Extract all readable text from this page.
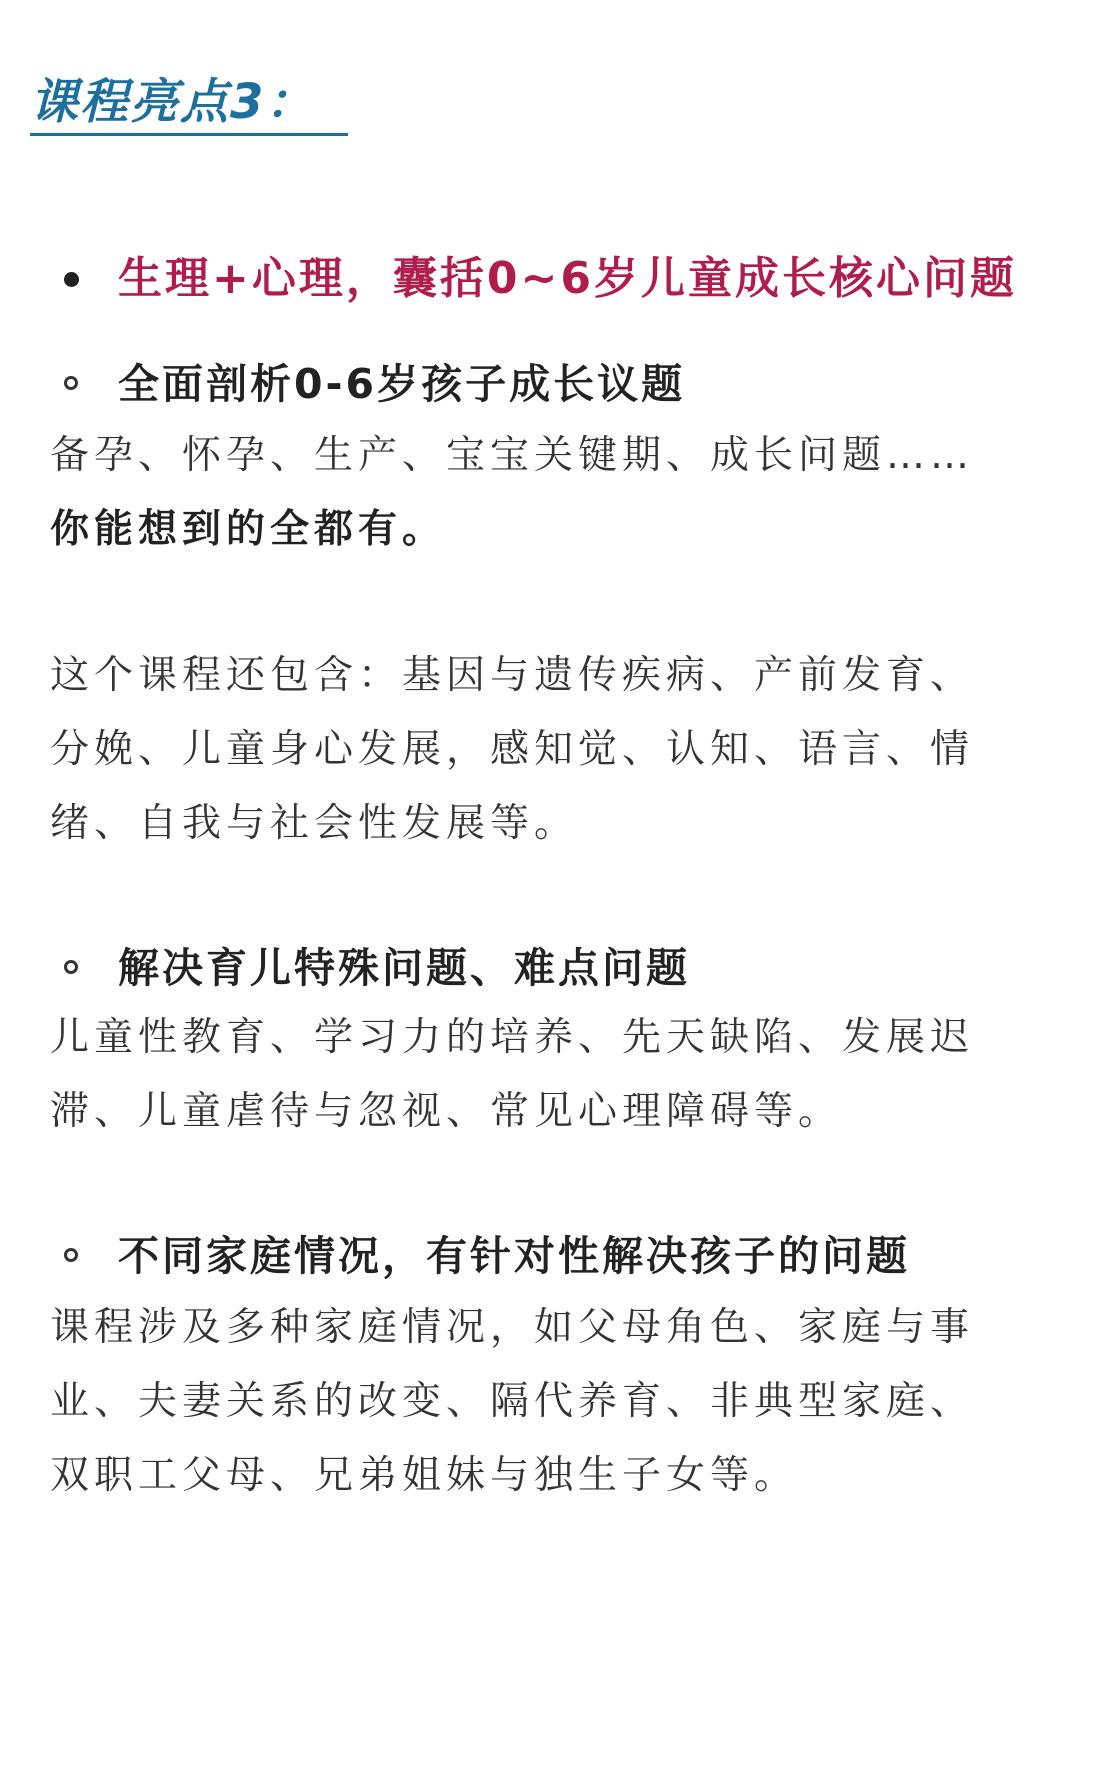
课程亮点3：
生理+心理，囊括0~6岁儿童成长核心问题
全面剖析0-6岁孩子成长议题

备孕、怀孕、生产、宝宝关键期、成长问题……

你能想到的全都有。

这个课程还包含：基因与遗传疾病、产前发育、

分娩、儿童身心发展，感知觉、认知、语言、情

绪、自我与社会性发展等。

解决育儿特殊问题、难点问题

儿童性教育、学习力的培养、先天缺陷、发展迟

滞、儿童虐待与忽视、常见心理障碍等。

不同家庭情况，有针对性解决孩子的问题

课程涉及多种家庭情况，如父母角色、家庭与事

业、夫妻关系的改变、隔代养育、非典型家庭、

双职工父母、兄弟姐妹与独生子女等。
